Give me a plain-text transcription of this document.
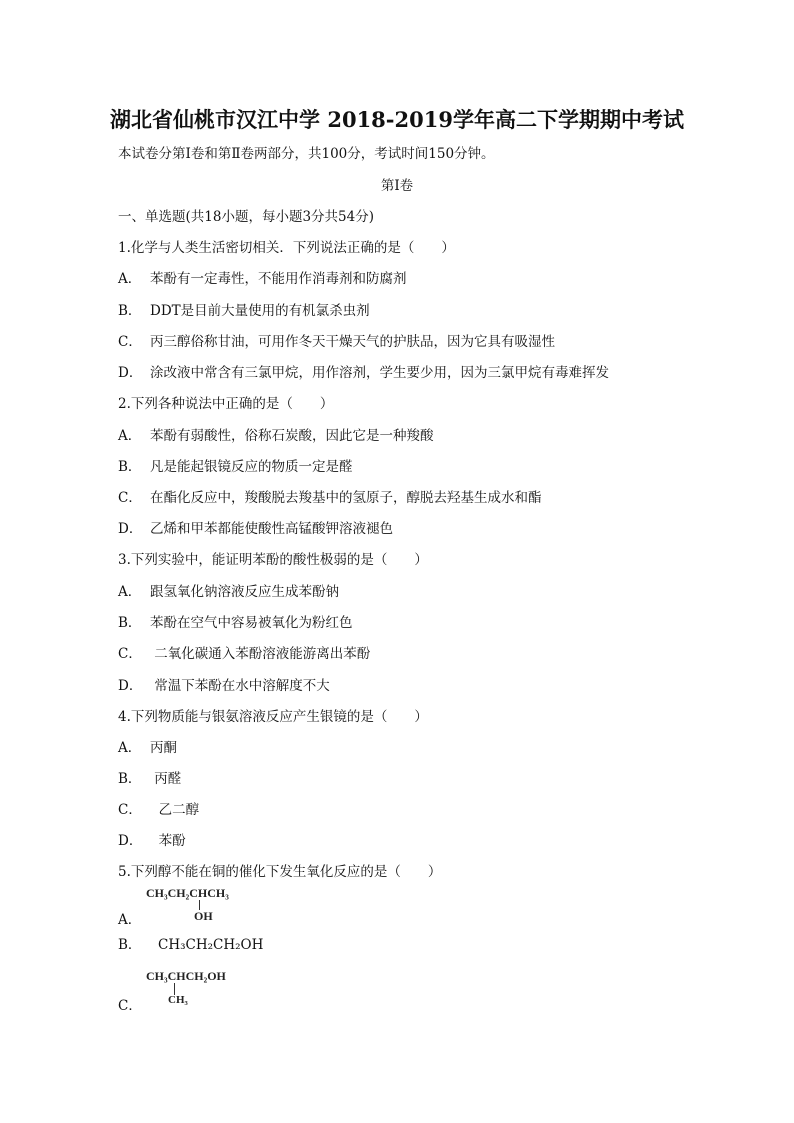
湖北省仙桃市汉江中学 2018-2019学年高二下学期期中考试
本试卷分第Ⅰ卷和第Ⅱ卷两部分，共100分，考试时间150分钟。
第Ⅰ卷
一、单选题(共18小题，每小题3分共54分)
1.化学与人类生活密切相关．下列说法正确的是（　　）
A． 苯酚有一定毒性，不能用作消毒剂和防腐剂
B． DDT是目前大量使用的有机氯杀虫剂
C． 丙三醇俗称甘油，可用作冬天干燥天气的护肤品，因为它具有吸湿性
D． 涂改液中常含有三氯甲烷，用作溶剂，学生要少用，因为三氯甲烷有毒难挥发
2.下列各种说法中正确的是（　　）
A． 苯酚有弱酸性，俗称石炭酸，因此它是一种羧酸
B． 凡是能起银镜反应的物质一定是醛
C． 在酯化反应中，羧酸脱去羧基中的氢原子，醇脱去羟基生成水和酯
D． 乙烯和甲苯都能使酸性高锰酸钾溶液褪色
3.下列实验中，能证明苯酚的酸性极弱的是（　　）
A． 跟氢氧化钠溶液反应生成苯酚钠
B． 苯酚在空气中容易被氧化为粉红色
C． 二氧化碳通入苯酚溶液能游离出苯酚
D． 常温下苯酚在水中溶解度不大
4.下列物质能与银氨溶液反应产生银镜的是（　　）
A． 丙酮
B． 丙醛
C．  乙二醇
D．  苯酚
5.下列醇不能在铜的催化下发生氧化反应的是（　　）
CH₃CH₂CHCH₃
OH
A．
B． CH₃CH₂CH₂OH
CH₃CHCH₂OH
CH₃
C．
